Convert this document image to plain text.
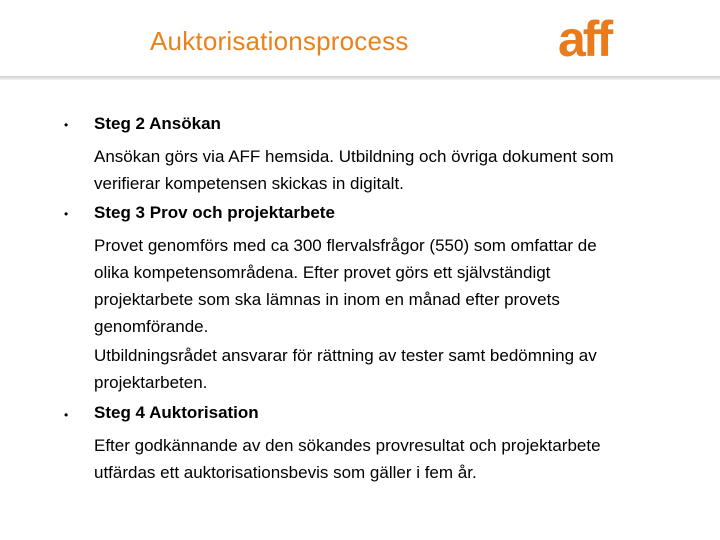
Auktorisationsprocess	aff
• Steg 2 Ansökan
Ansökan görs via AFF hemsida. Utbildning och övriga dokument som
verifierar kompetensen skickas in digitalt.
• Steg 3 Prov och projektarbete
Provet genomförs med ca 300 flervalsfrågor (550) som omfattar de
olika kompetensområdena. Efter provet görs ett självständigt
projektarbete som ska lämnas in inom en månad efter provets
genomförande.
Utbildningsrådet ansvarar för rättning av tester samt bedömning av
projektarbeten.
• Steg 4 Auktorisation
Efter godkännande av den sökandes provresultat och projektarbete
utfärdas ett auktorisationsbevis som gäller i fem år.
